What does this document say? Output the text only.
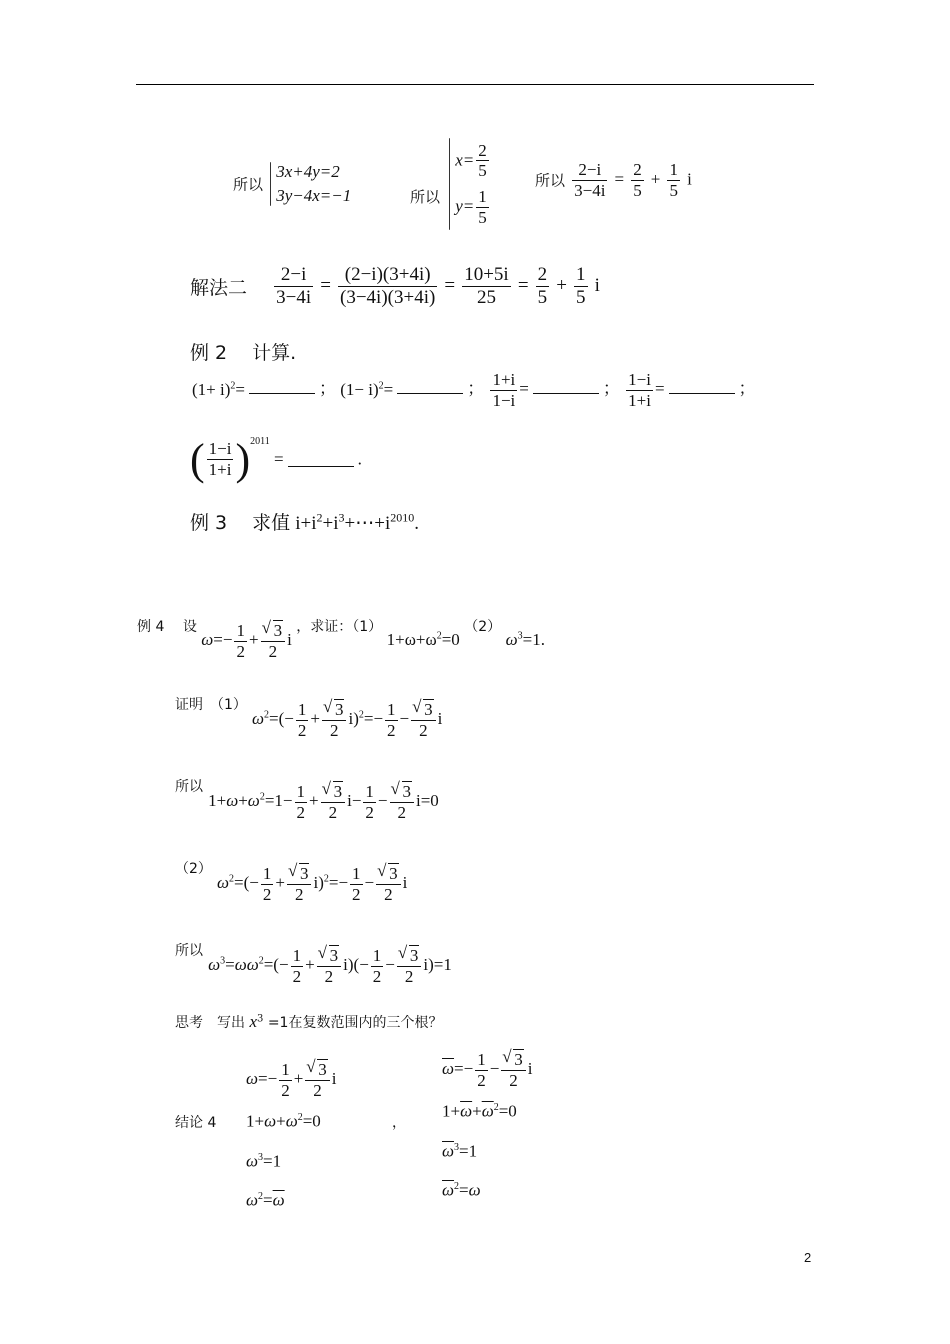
所以
3x+4y=2
3y−4x=−1	所以
$x= \frac{2}{5}$
$y= \frac{1}{5}$
所以 $\frac{2-i}{3-4i} = \frac{2}{5} + \frac{1}{5}$ i
解法二 $\frac{2-i}{3-4i} = \frac{(2-i)(3+4i)}{(3-4i)(3+4i)} = \frac{10+5i}{25} = \frac{2}{5} + \frac{1}{5}$ i
例 2　 计算.
$(1+ i)^2=$	； $(1- i)^2=$	； $\frac{1+i}{1-i}$ =	； $\frac{1-i}{1+i}$ =	；
( $\frac{1-i}{1+i} )^{2011}$ =	.
例 3　 求值 $i+i^2+i^3+\cdots+i^{2010}$.
例 4 设 $\omega=- \frac{1}{2}$ + √ $\frac{3}{2}$ i ，求证：（1） $1+\omega+\omega^2=0$ （2） $\omega^3=1$.
证明　（1） $\omega^2=(- \frac{1}{2}$ + √ $\frac{3}{2} i)^2=- \frac{1}{2}$ − √ $\frac{3}{2}$ i
所以 $1+\omega+\omega^2=1- \frac{1}{2}$ + √ $\frac{3}{2} i- \frac{1}{2}$ − √ $\frac{3}{2} i=0$
（2） $\omega^2=(- \frac{1}{2}$ + √ $\frac{3}{2} i)^2=- \frac{1}{2}$ − √ $\frac{3}{2}$ i
所以 $\omega^3=\omega\omega^2=(- \frac{1}{2}$ + √ $\frac{3}{2} i)(- \frac{1}{2}$ − √ $\frac{3}{2} i)=1$
思考　写出 $x^3 =1$在复数范围内的三个根？
结论 4
$\omega=- \frac{1}{2}$ + √ $\frac{3}{2}$ i
$1+\omega+\omega^2=0$
$\omega^3=1$
$\omega^2=\overline{\omega}$
，
$\overline{\omega}=- \frac{1}{2}$ − √ $\frac{3}{2}$ i
$1+\overline{\omega}+\overline{\omega}^2=0$
$\overline{\omega}^3=1$
$\overline{\omega}^2=\omega$
2
